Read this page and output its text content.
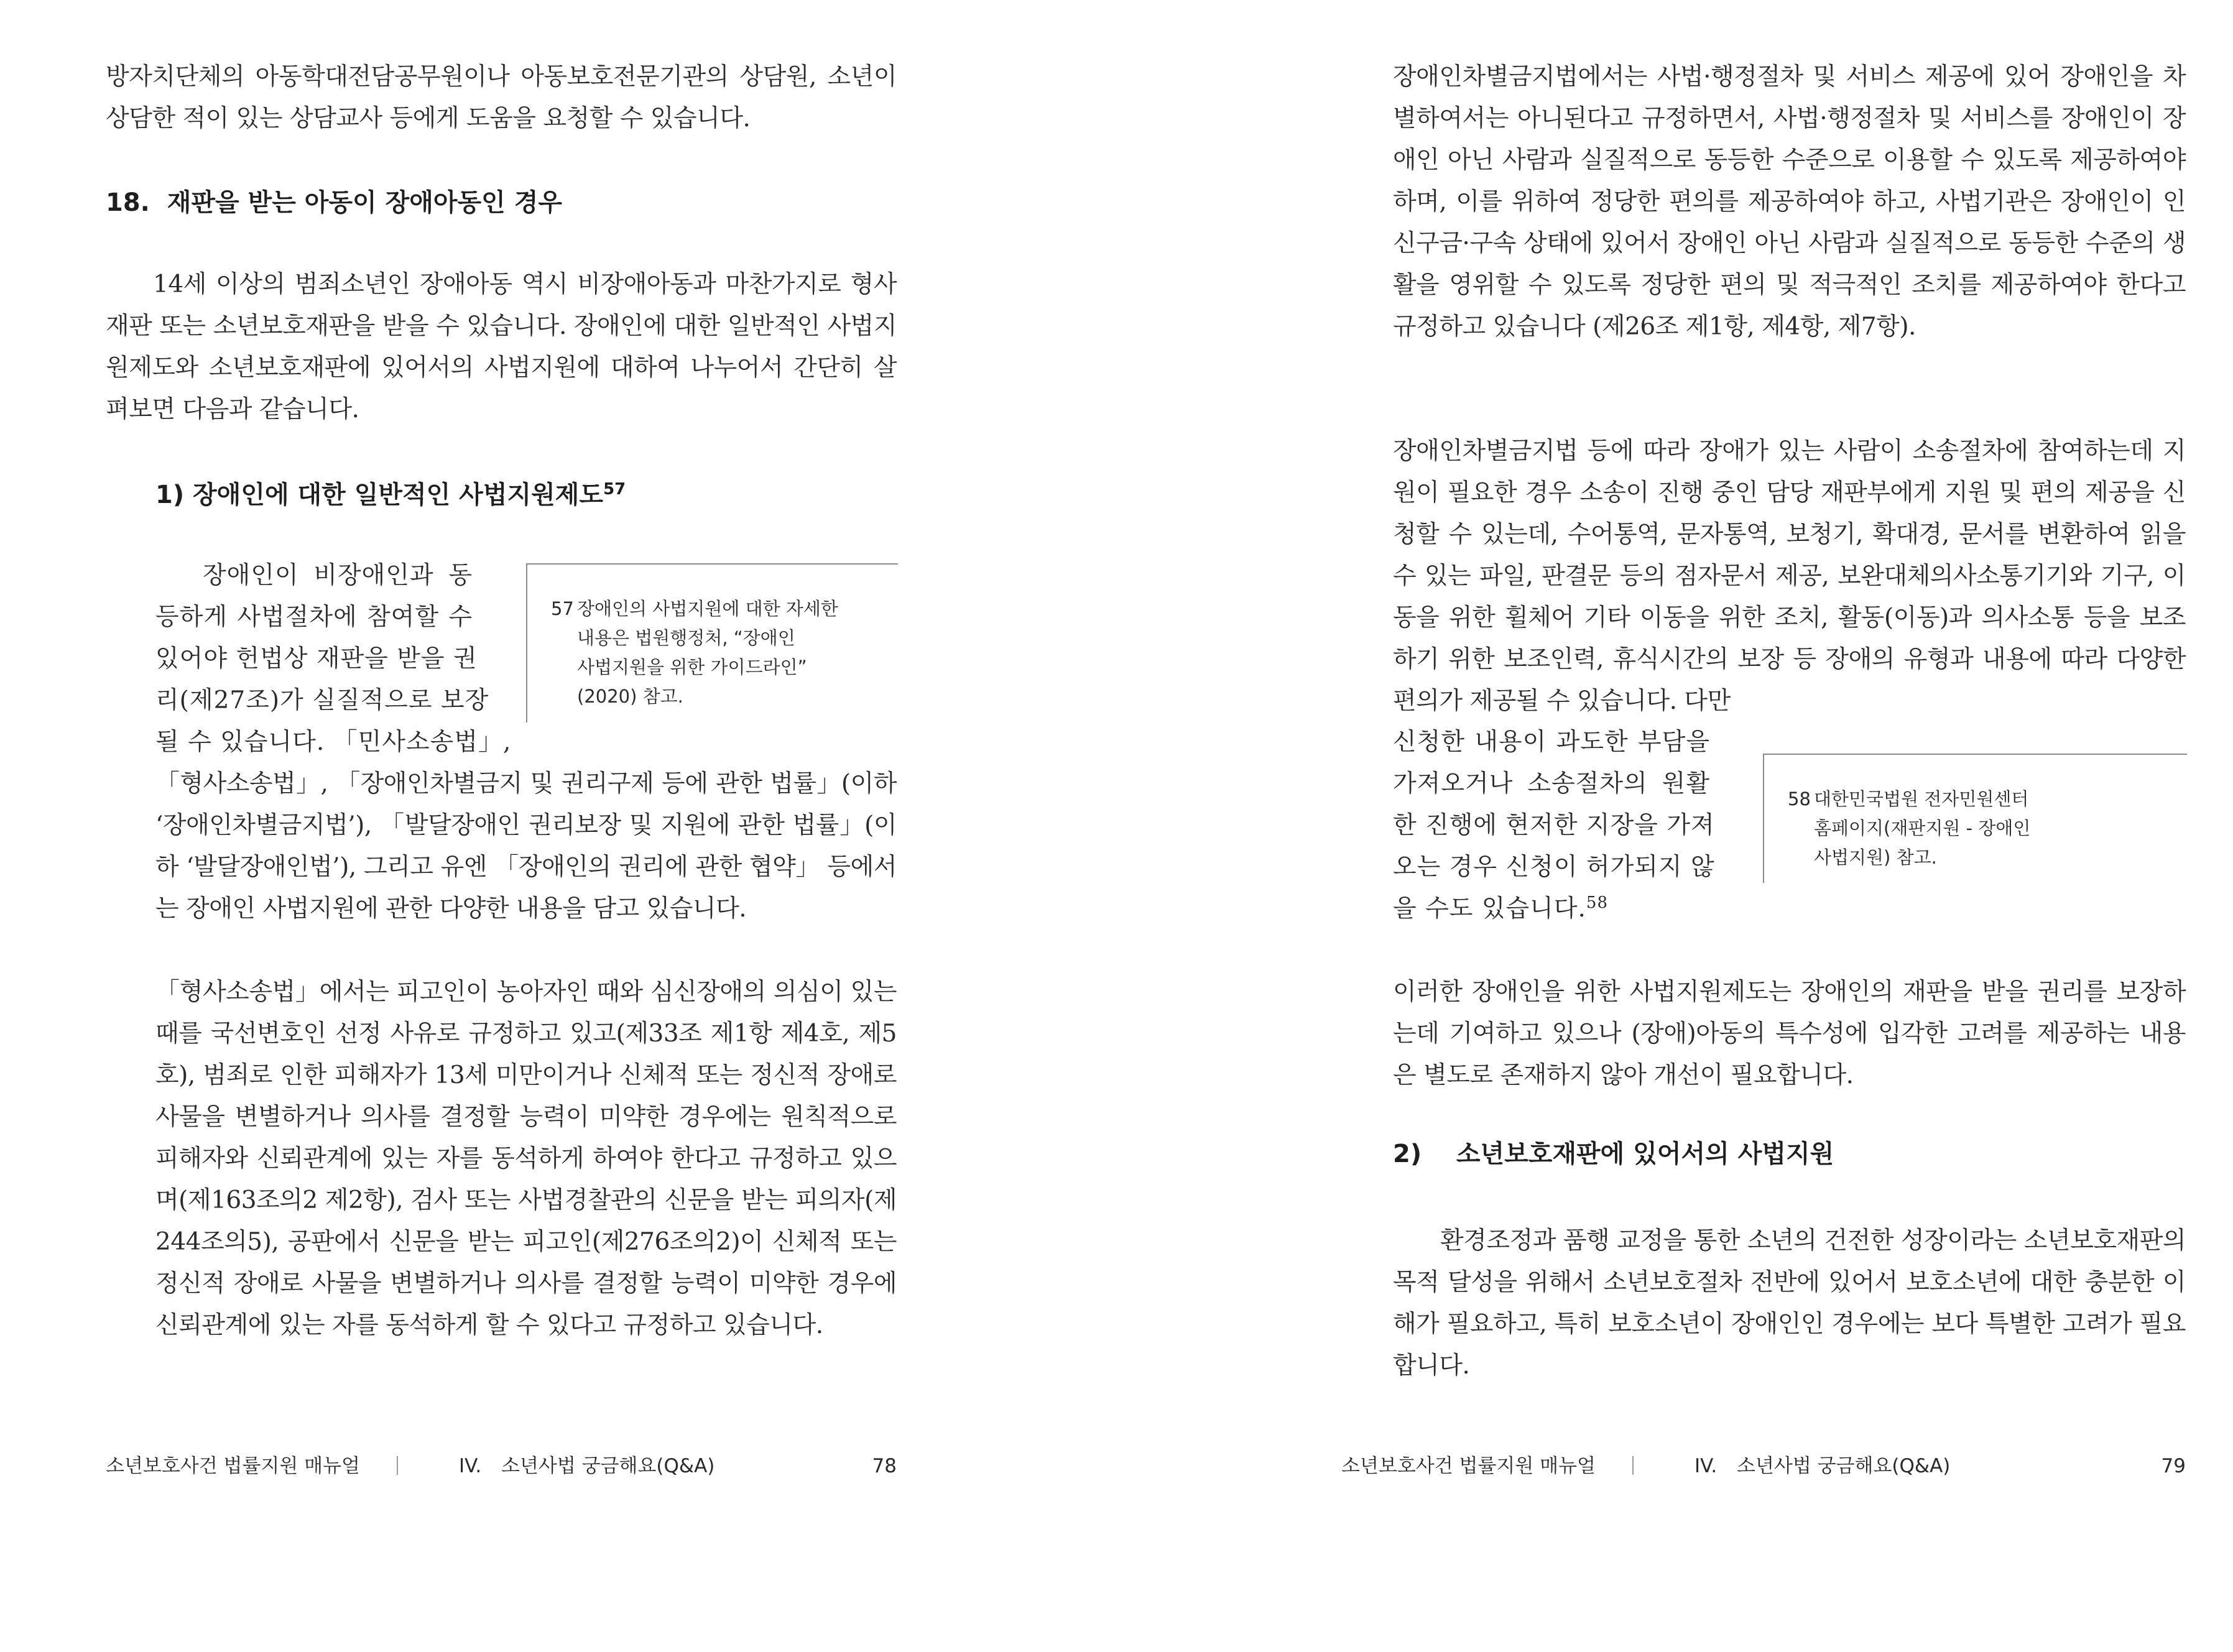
방자치단체의 아동학대전담공무원이나 아동보호전문기관의 상담원, 소년이 상담한 적이 있는 상담교사 등에게 도움을 요청할 수 있습니다.

18.  재판을 받는 아동이 장애아동인 경우

14세 이상의 범죄소년인 장애아동 역시 비장애아동과 마찬가지로 형사재판 또는 소년보호재판을 받을 수 있습니다. 장애인에 대한 일반적인 사법지원제도와 소년보호재판에 있어서의 사법지원에 대하여 나누어서 간단히 살펴보면 다음과 같습니다.

1) 장애인에 대한 일반적인 사법지원제도$^{57}$
장애인이 비장애인과 동
등하게 사법절차에 참여할 수
있어야 헌법상 재판을 받을 권
리(제27조)가 실질적으로 보장
될 수 있습니다. 「민사소송법」,
57 장애인의 사법지원에 대한 자세한
내용은 법원행정처, “장애인
사법지원을 위한 가이드라인”
(2020) 참고.

「형사소송법」, 「장애인차별금지 및 권리구제 등에 관한 법률」(이하 ‘장애인차별금지법’), 「발달장애인 권리보장 및 지원에 관한 법률」(이하 ‘발달장애인법’), 그리고 유엔 「장애인의 권리에 관한 협약」 등에서는 장애인 사법지원에 관한 다양한 내용을 담고 있습니다.

「형사소송법」에서는 피고인이 농아자인 때와 심신장애의 의심이 있는 때를 국선변호인 선정 사유로 규정하고 있고(제33조 제1항 제4호, 제5호), 범죄로 인한 피해자가 13세 미만이거나 신체적 또는 정신적 장애로 사물을 변별하거나 의사를 결정할 능력이 미약한 경우에는 원칙적으로 피해자와 신뢰관계에 있는 자를 동석하게 하여야 한다고 규정하고 있으며(제163조의2 제2항), 검사 또는 사법경찰관의 신문을 받는 피의자(제244조의5), 공판에서 신문을 받는 피고인(제276조의2)이 신체적 또는 정신적 장애로 사물을 변별하거나 의사를 결정할 능력이 미약한 경우에 신뢰관계에 있는 자를 동석하게 할 수 있다고 규정하고 있습니다.

소년보호사건 법률지원 매뉴얼	IV. 소년사법 궁금해요(Q&A)	78

장애인차별금지법에서는 사법·행정절차 및 서비스 제공에 있어 장애인을 차별하여서는 아니된다고 규정하면서, 사법·행정절차 및 서비스를 장애인이 장애인 아닌 사람과 실질적으로 동등한 수준으로 이용할 수 있도록 제공하여야 하며, 이를 위하여 정당한 편의를 제공하여야 하고, 사법기관은 장애인이 인신구금·구속 상태에 있어서 장애인 아닌 사람과 실질적으로 동등한 수준의 생활을 영위할 수 있도록 정당한 편의 및 적극적인 조치를 제공하여야 한다고 규정하고 있습니다 (제26조 제1항, 제4항, 제7항).

장애인차별금지법 등에 따라 장애가 있는 사람이 소송절차에 참여하는데 지원이 필요한 경우 소송이 진행 중인 담당 재판부에게 지원 및 편의 제공을 신청할 수 있는데, 수어통역, 문자통역, 보청기, 확대경, 문서를 변환하여 읽을 수 있는 파일, 판결문 등의 점자문서 제공, 보완대체의사소통기기와 기구, 이동을 위한 휠체어 기타 이동을 위한 조치, 활동(이동)과 의사소통 등을 보조하기 위한 보조인력, 휴식시간의 보장 등 장애의 유형과 내용에 따라 다양한 편의가 제공될 수 있습니다. 다만

신청한 내용이 과도한 부담을
가져오거나 소송절차의 원활
한 진행에 현저한 지장을 가져
오는 경우 신청이 허가되지 않
을 수도 있습니다.$^{58}$
58 대한민국법원 전자민원센터
홈페이지(재판지원 - 장애인
사법지원) 참고.

이러한 장애인을 위한 사법지원제도는 장애인의 재판을 받을 권리를 보장하는데 기여하고 있으나 (장애)아동의 특수성에 입각한 고려를 제공하는 내용은 별도로 존재하지 않아 개선이 필요합니다.

2)    소년보호재판에 있어서의 사법지원

환경조정과 품행 교정을 통한 소년의 건전한 성장이라는 소년보호재판의 목적 달성을 위해서 소년보호절차 전반에 있어서 보호소년에 대한 충분한 이해가 필요하고, 특히 보호소년이 장애인인 경우에는 보다 특별한 고려가 필요합니다.

소년보호사건 법률지원 매뉴얼	IV. 소년사법 궁금해요(Q&A)	79
